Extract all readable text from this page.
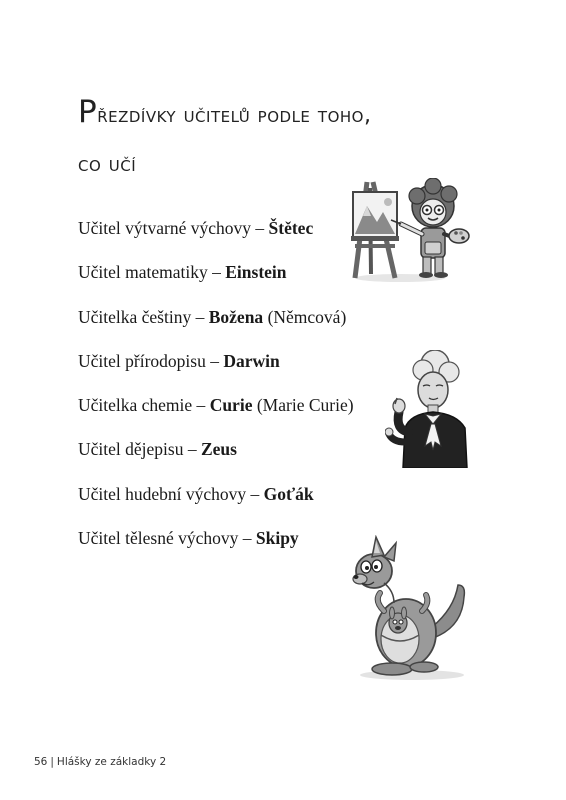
Přezdívky učitelů podle toho,
co učí
Učitel výtvarné výchovy – Štětec
Učitel matematiky – Einstein
Učitelka češtiny – Božena (Němcová)
Učitel přírodopisu – Darwin
Učitelka chemie – Curie (Marie Curie)
Učitel dějepisu – Zeus
Učitel hudební výchovy – Goťák
Učitel tělesné výchovy – Skipy
56 | Hlášky ze základky 2
